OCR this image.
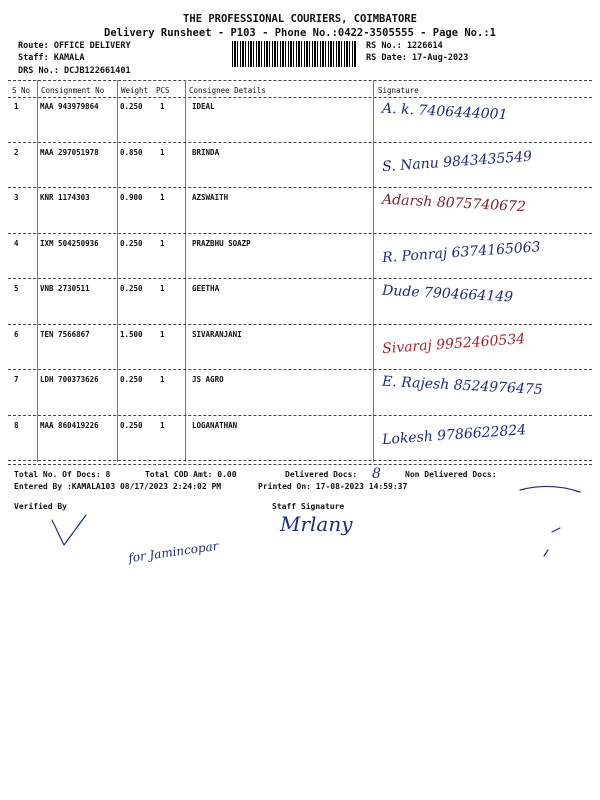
THE PROFESSIONAL COURIERS, COIMBATORE
Delivery Runsheet - P103 - Phone No.:0422-3505555 - Page No.:1
Route: OFFICE DELIVERY
Staff: KAMALA
DRS No.: DCJB122661401
RS No.: 1226614
RS Date: 17-Aug-2023
S No Consignment No Weight PCS	Consignee Details	Signature
1	MAA 943979864	0.250 1	IDEAL	A. k. 7406444001
2	MAA 297051978	0.850 1	BRINDA	S. Nanu 9843435549
3	KNR 1174303	0.900 1	AZSWAITH	Adarsh 8075740672
4	IXM 504250936	0.250 1	PRAZBHU SOAZP	R. Ponraj 6374165063
5	VNB 2730511	0.250 1	GEETHA	Dude 7904664149
6	TEN 7566867	1.500 1	SIVARANJANI	Sivaraj 9952460534
7	LDH 700373626	0.250 1	JS AGRO	E. Rajesh 8524976475
8	MAA 860419226	0.250 1	LOGANATHAN	Lokesh 9786622824
Total No. Of Docs: 8	Total COD Amt: 0.00	Delivered Docs: 8	Non Delivered Docs:
Entered By :KAMALA103 08/17/2023 2:24:02 PM	Printed On: 17-08-2023 14:59:37
Verified By	Staff Signature
for Jamincopar
Mrlany
